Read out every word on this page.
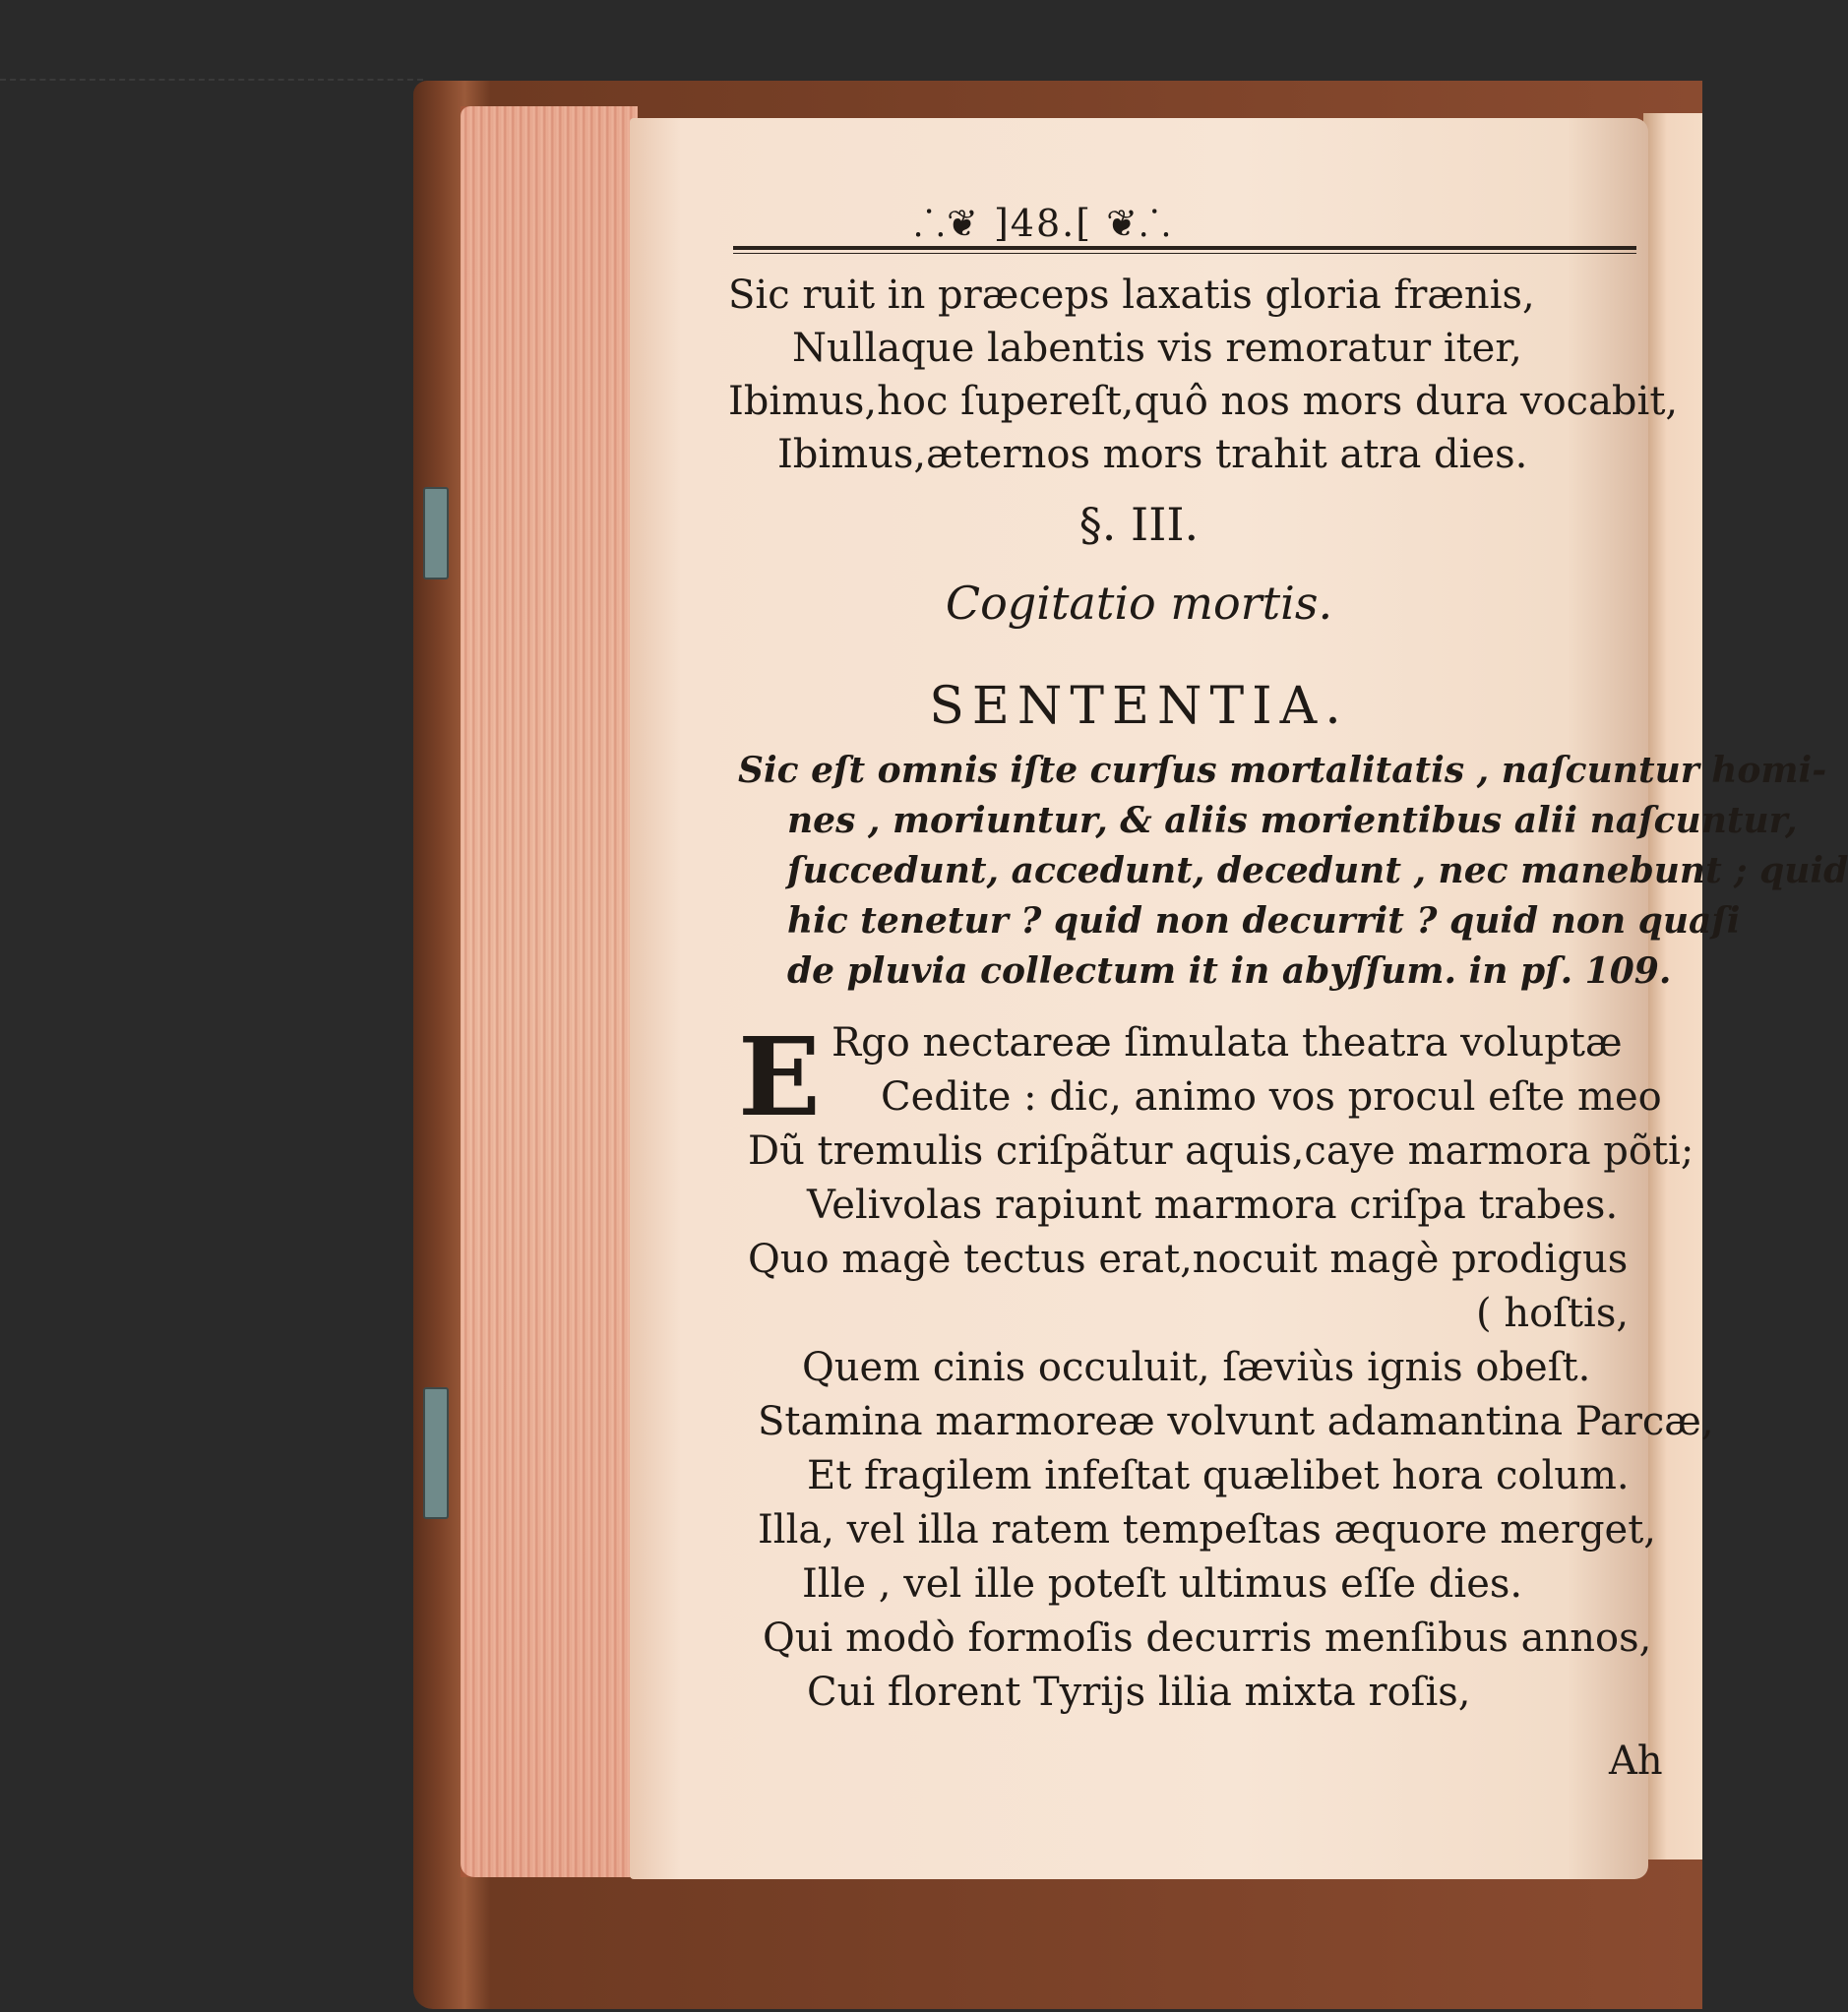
⸫❦ ]48.[ ❦⸫
Sic ruit in præceps laxatis gloria frænis,
Nullaque labentis vis remoratur iter,
Ibimus,hoc ſupereſt,quô nos mors dura vocabit,
Ibimus,æternos mors trahit atra dies.
§. III.
Cogitatio mortis.
SENTENTIA.
Sic eſt omnis iſte curſus mortalitatis , naſcuntur homi-
nes , moriuntur, & aliis morientibus alii naſcuntur,
ſuccedunt, accedunt, decedunt , nec manebunt ; quid
hic tenetur ? quid non decurrit ? quid non quaſi
de pluvia collectum it in abyſſum. in pſ. 109.
E Rgo nectareæ ſimulata theatra voluptæ
Cedite : dic, animo vos procul eſte meo
Dũ tremulis criſpãtur aquis,caye marmora põti;
Velivolas rapiunt marmora criſpa trabes.
Quo magè tectus erat,nocuit magè prodigus
( hoſtis,
Quem cinis occuluit, ſæviùs ignis obeſt.
Stamina marmoreæ volvunt adamantina Parcæ,
Et fragilem infeſtat quælibet hora colum.
Illa, vel illa ratem tempeſtas æquore merget,
Ille , vel ille poteſt ultimus eſſe dies.
Qui modò formoſis decurris menſibus annos,
Cui florent Tyrijs lilia mixta roſis,
Ah
